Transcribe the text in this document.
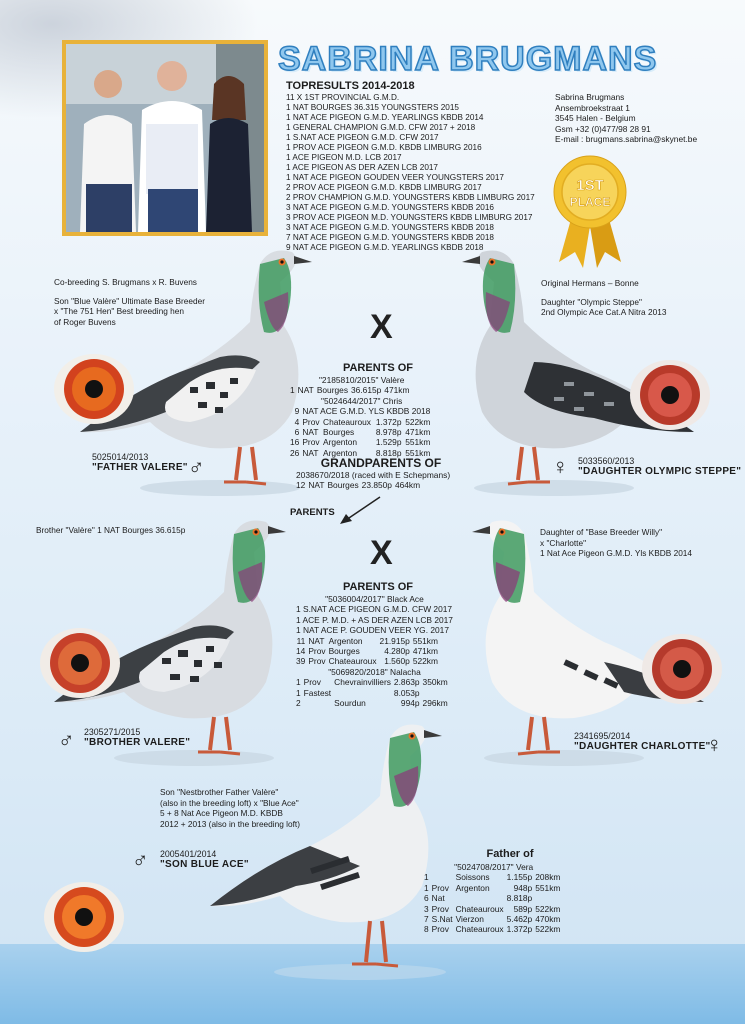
SABRINA BRUGMANS
TOPRESULTS 2014-2018
11 X 1ST PROVINCIAL G.M.D.
1 NAT BOURGES 36.315 YOUNGSTERS 2015
1 NAT ACE PIGEON G.M.D. YEARLINGS KBDB 2014
1 GENERAL CHAMPION G.M.D. CFW 2017 + 2018
1 S.NAT ACE PIGEON G.M.D. CFW 2017
1 PROV ACE PIGEON G.M.D. KBDB LIMBURG 2016
1 ACE PIGEON M.D. LCB 2017
1 ACE PIGEON AS DER AZEN LCB 2017
1 NAT ACE PIGEON GOUDEN VEER YOUNGSTERS 2017
2 PROV ACE PIGEON G.M.D. KBDB LIMBURG 2017
2 PROV CHAMPION G.M.D. YOUNGSTERS KBDB LIMBURG 2017
3 NAT ACE PIGEON G.M.D. YOUNGSTERS KBDB 2016
3 PROV ACE PIGEON M.D. YOUNGSTERS KBDB LIMBURG 2017
3 NAT ACE PIGEON G.M.D. YOUNGSTERS KBDB 2018
7 NAT ACE PIGEON G.M.D. YOUNGSTERS KBDB 2018
9 NAT ACE PIGEON G.M.D. YEARLINGS KBDB 2018
Sabrina Brugmans
Ansembroekstraat 1
3545 Halen - Belgium
Gsm +32 (0)477/98 28 91
E-mail : brugmans.sabrina@skynet.be
1ST
PLACE
Co-breeding S. Brugmans x R. Buvens
Son "Blue Valère" Ultimate Base Breeder
x "The 751 Hen" Best breeding hen
of Roger Buvens
Original Hermans – Bonne
Daughter "Olympic Steppe"
2nd Olympic Ace Cat.A Nitra 2013
5025014/2013
"FATHER VALERE" ♂	♀ 5033560/2013
"DAUGHTER OLYMPIC STEPPE"
X
PARENTS OF
"2185810/2015" Valère
1	NAT	Bourges	36.615p	471km
"5024644/2017" Chris
9	NAT ACE G.M.D. YLS KBDB 2018			
4	Prov	Chateauroux	1.372p	522km
6	NAT	Bourges	8.978p	471km
16	Prov	Argenton	1.529p	551km
26	NAT	Argenton	8.818p	551km
GRANDPARENTS OF
2038670/2018 (raced with E Schepmans)
12	NAT	Bourges	23.850p	464km
PARENTS
Brother "Valère" 1 NAT Bourges 36.615p	Daughter of "Base Breeder Willy"
x "Charlotte"
1 Nat Ace Pigeon G.M.D. Yls KBDB 2014
♂ 2305271/2015
"BROTHER VALERE"
2341695/2014
"DAUGHTER CHARLOTTE"
♀
X
PARENTS OF
"5036004/2017" Black Ace
1 S.NAT ACE PIGEON G.M.D. CFW 2017
1 ACE P. M.D. + AS DER AZEN LCB 2017
1 NAT ACE P. GOUDEN VEER YG. 2017
11	NAT	Argenton	21.915p	551km
14	Prov	Bourges	4.280p	471km
39	Prov	Chateauroux	1.560p	522km
"5069820/2018" Nalacha
1	Prov	Chevrainvilliers	2.863p	350km
1	Fastest		8.053p	
2		Sourdun	994p	296km
Son "Nestbrother Father Valère"
(also in the breeding loft) x "Blue Ace"
5 + 8 Nat Ace Pigeon M.D. KBDB
2012 + 2013 (also in the breeding loft)
♂ 2005401/2014
"SON BLUE ACE"
Father of
"5024708/2017" Vera
1		Soissons	1.155p	208km
1	Prov	Argenton	948p	551km
6	Nat		8.818p	
3	Prov	Chateauroux	589p	522km
7	S.Nat	Vierzon	5.462p	470km
8	Prov	Chateauroux	1.372p	522km
